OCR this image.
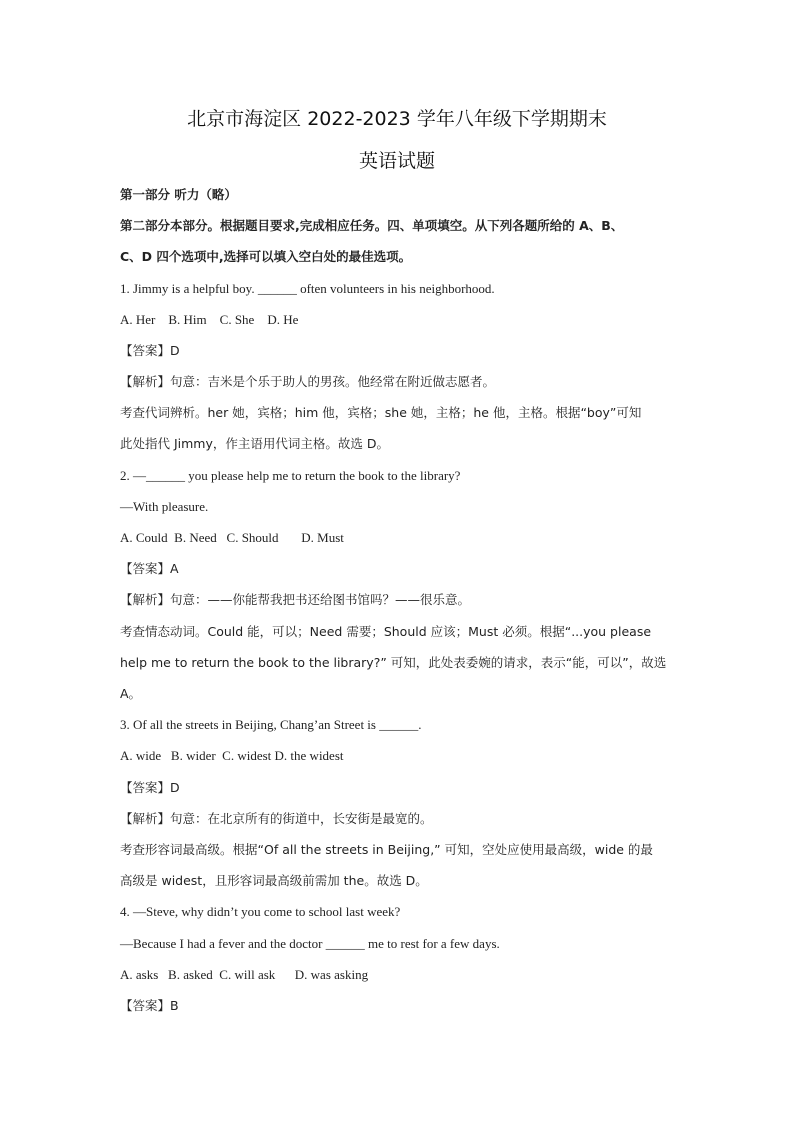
北京市海淀区 2022-2023 学年八年级下学期期末
英语试题
第一部分 听力（略）
第二部分本部分。根据题目要求,完成相应任务。四、单项填空。从下列各题所给的 A、B、
C、D 四个选项中,选择可以填入空白处的最佳选项。
1. Jimmy is a helpful boy. ______ often volunteers in his neighborhood.
A. Her    B. Him    C. She    D. He
【答案】D
【解析】句意：吉米是个乐于助人的男孩。他经常在附近做志愿者。
考查代词辨析。her 她，宾格；him 他，宾格；she 她，主格；he 他，主格。根据“boy”可知
此处指代 Jimmy，作主语用代词主格。故选 D。
2. —______ you please help me to return the book to the library?
—With pleasure.
A. Could  B. Need   C. Should       D. Must
【答案】A
【解析】句意：——你能帮我把书还给图书馆吗？——很乐意。
考查情态动词。Could 能，可以；Need 需要；Should 应该；Must 必须。根据“...you please
help me to return the book to the library?” 可知，此处表委婉的请求，表示“能，可以”，故选
A。
3. Of all the streets in Beijing, Chang’an Street is ______.
A. wide   B. wider  C. widest D. the widest
【答案】D
【解析】句意：在北京所有的街道中，长安街是最宽的。
考查形容词最高级。根据“Of all the streets in Beijing,” 可知，空处应使用最高级，wide 的最
高级是 widest，且形容词最高级前需加 the。故选 D。
4. —Steve, why didn’t you come to school last week?
—Because I had a fever and the doctor ______ me to rest for a few days.
A. asks   B. asked  C. will ask      D. was asking
【答案】B
